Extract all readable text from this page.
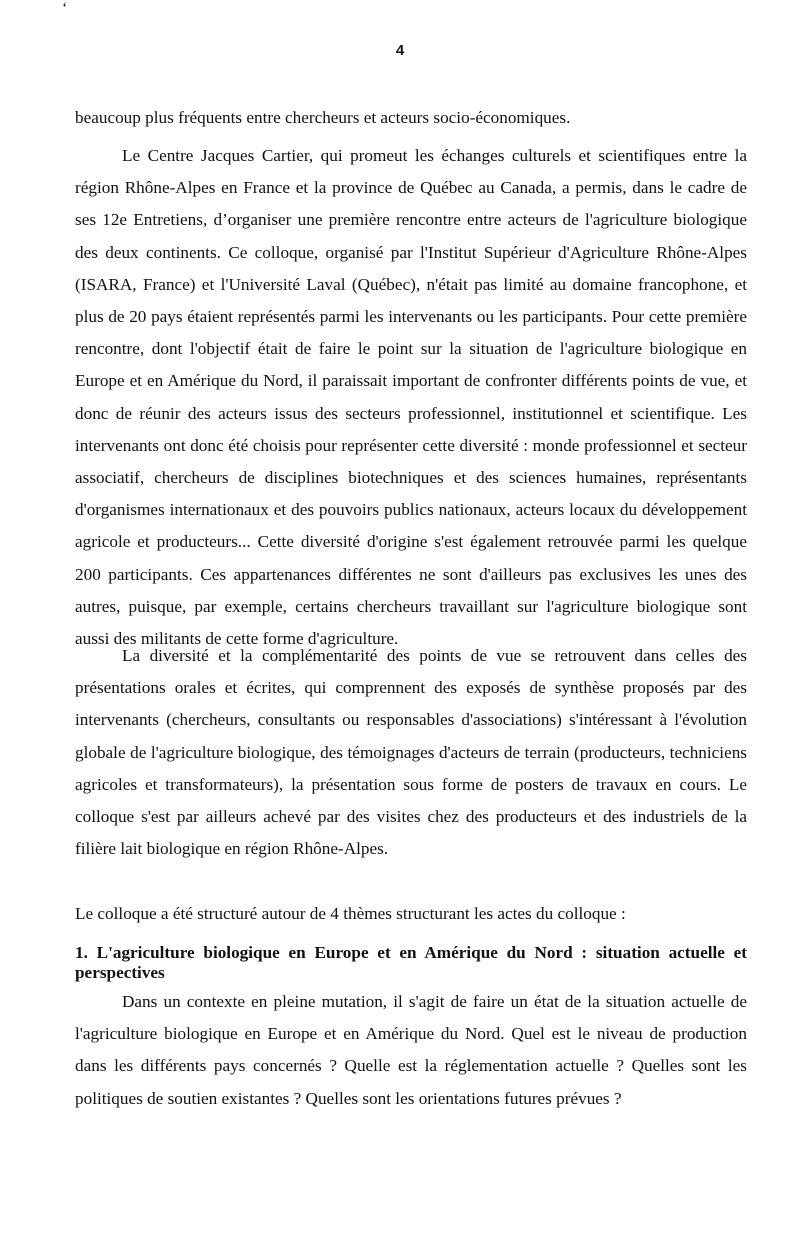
ʻ
4

beaucoup plus fréquents entre chercheurs et acteurs socio-économiques.

Le Centre Jacques Cartier, qui promeut les échanges culturels et scientifiques entre la région Rhône-Alpes en France et la province de Québec au Canada, a permis, dans le cadre de ses 12e Entretiens, d’organiser une première rencontre entre acteurs de l'agriculture biologique des deux continents. Ce colloque, organisé par l'Institut Supérieur d'Agriculture Rhône-Alpes (ISARA, France) et l'Université Laval (Québec), n'était pas limité au domaine francophone, et plus de 20 pays étaient représentés parmi les intervenants ou les participants. Pour cette première rencontre, dont l'objectif était de faire le point sur la situation de l'agriculture biologique en Europe et en Amérique du Nord, il paraissait important de confronter différents points de vue, et donc de réunir des acteurs issus des secteurs professionnel, institutionnel et scientifique. Les intervenants ont donc été choisis pour représenter cette diversité : monde professionnel et secteur associatif, chercheurs de disciplines biotechniques et des sciences humaines, représentants d'organismes internationaux et des pouvoirs publics nationaux, acteurs locaux du développement agricole et producteurs... Cette diversité d'origine s'est également retrouvée parmi les quelque 200 participants. Ces appartenances différentes ne sont d'ailleurs pas exclusives les unes des autres, puisque, par exemple, certains chercheurs travaillant sur l'agriculture biologique sont aussi des militants de cette forme d'agriculture.

La diversité et la complémentarité des points de vue se retrouvent dans celles des présentations orales et écrites, qui comprennent des exposés de synthèse proposés par des intervenants (chercheurs, consultants ou responsables d'associations) s'intéressant à l'évolution globale de l'agriculture biologique, des témoignages d'acteurs de terrain (producteurs, techniciens agricoles et transformateurs), la présentation sous forme de posters de travaux en cours. Le colloque s'est par ailleurs achevé par des visites chez des producteurs et des industriels de la filière lait biologique en région Rhône-Alpes.

Le colloque a été structuré autour de 4 thèmes structurant les actes du colloque :

1. L'agriculture biologique en Europe et en Amérique du Nord : situation actuelle et perspectives

Dans un contexte en pleine mutation, il s'agit de faire un état de la situation actuelle de l'agriculture biologique en Europe et en Amérique du Nord. Quel est le niveau de production dans les différents pays concernés ? Quelle est la réglementation actuelle ? Quelles sont les politiques de soutien existantes ? Quelles sont les orientations futures prévues ?
